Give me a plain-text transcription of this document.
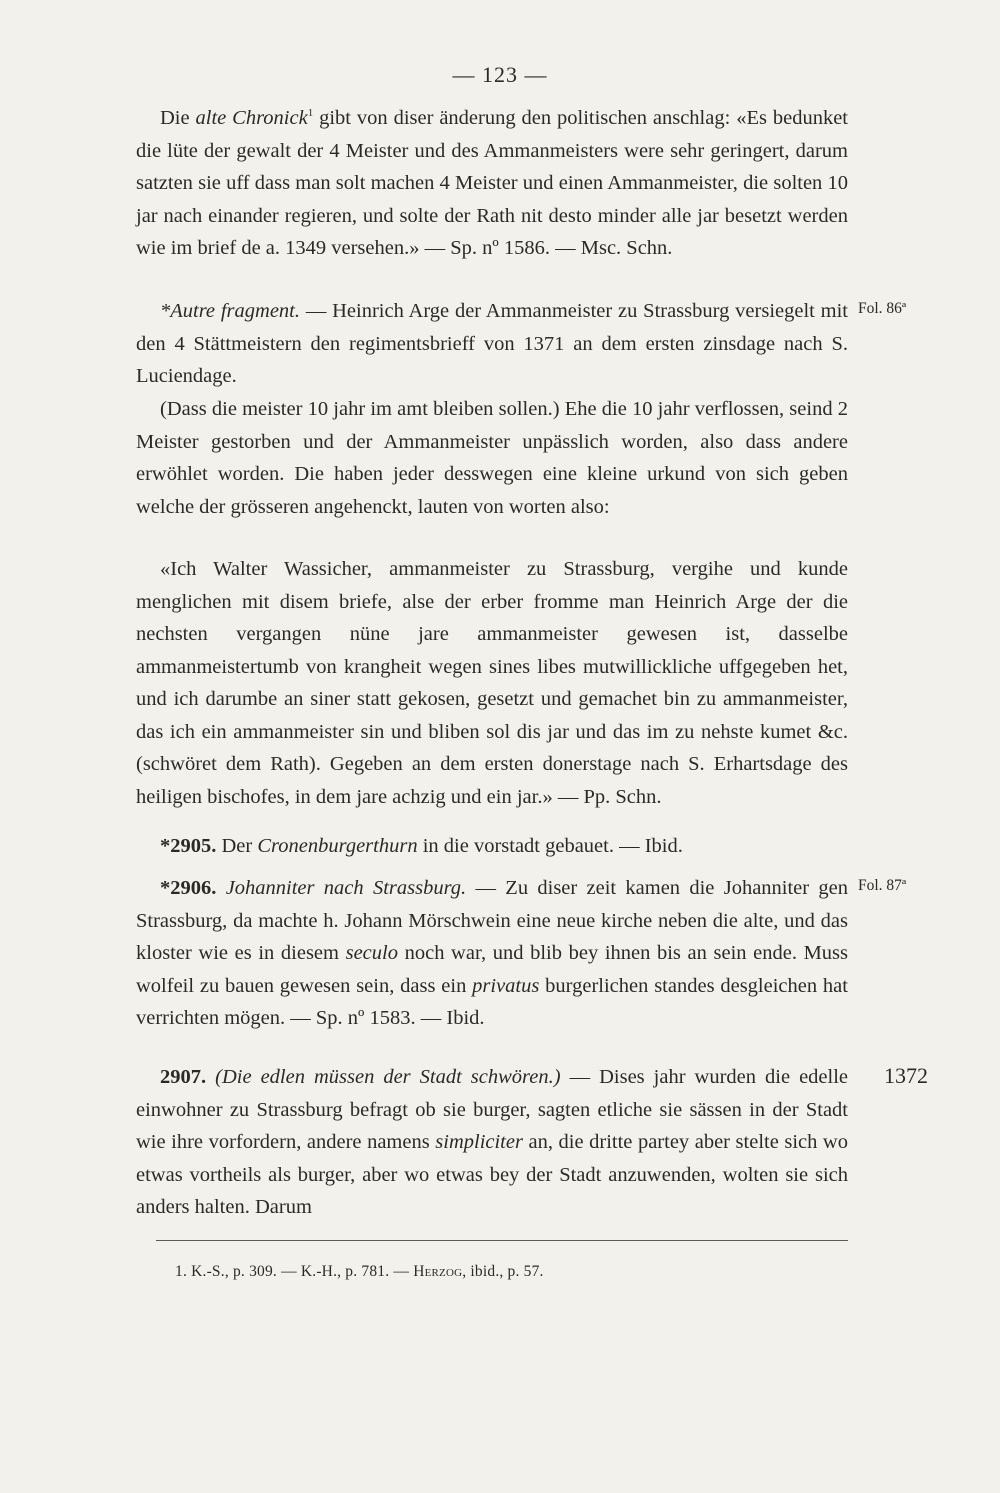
— 123 —

Die alte Chronick$^1$ gibt von diser änderung den politischen anschlag: «Es bedunket die lüte der gewalt der 4 Meister und des Ammanmeisters were sehr geringert, darum satzten sie uff dass man solt machen 4 Meister und einen Ammanmeister, die solten 10 jar nach einander regieren, und solte der Rath nit desto minder alle jar besetzt werden wie im brief de a. 1349 versehen.» — Sp. nº 1586. — Msc. Schn.

*Autre fragment. — Heinrich Arge der Ammanmeister zu Strassburg versiegelt mit den 4 Stättmeistern den regimentsbrieff von 1371 an dem ersten zinsdage nach S. Luciendage.

Fol. 86ª

(Dass die meister 10 jahr im amt bleiben sollen.) Ehe die 10 jahr verflossen, seind 2 Meister gestorben und der Ammanmeister unpässlich worden, also dass andere erwöhlet worden. Die haben jeder desswegen eine kleine urkund von sich geben welche der grösseren angehenckt, lauten von worten also:

«Ich Walter Wassicher, ammanmeister zu Strassburg, vergihe und kunde menglichen mit disem briefe, alse der erber fromme man Heinrich Arge der die nechsten vergangen nüne jare ammanmeister gewesen ist, dasselbe ammanmeistertumb von krangheit wegen sines libes mutwillickliche uffgegeben het, und ich darumbe an siner statt gekosen, gesetzt und gemachet bin zu ammanmeister, das ich ein ammanmeister sin und bliben sol dis jar und das im zu nehste kumet &c. (schwöret dem Rath). Gegeben an dem ersten donerstage nach S. Erhartsdage des heiligen bischofes, in dem jare achzig und ein jar.» — Pp. Schn.

*2905. Der Cronenburgerthurn in die vorstadt gebauet. — Ibid.

*2906. Johanniter nach Strassburg. — Zu diser zeit kamen die Johanniter gen Strassburg, da machte h. Johann Mörschwein eine neue kirche neben die alte, und das kloster wie es in diesem seculo noch war, und blib bey ihnen bis an sein ende. Muss wolfeil zu bauen gewesen sein, dass ein privatus burgerlichen standes desgleichen hat verrichten mögen. — Sp. nº 1583. — Ibid.

Fol. 87ª

2907. (Die edlen müssen der Stadt schwören.) — Dises jahr wurden die edelle einwohner zu Strassburg befragt ob sie burger, sagten etliche sie sässen in der Stadt wie ihre vorfordern, andere namens simpliciter an, die dritte partey aber stelte sich wo etwas vortheils als burger, aber wo etwas bey der Stadt anzuwenden, wolten sie sich anders halten. Darum

1372
1. K.-S., p. 309. — K.-H., p. 781. — Herzog, ibid., p. 57.
